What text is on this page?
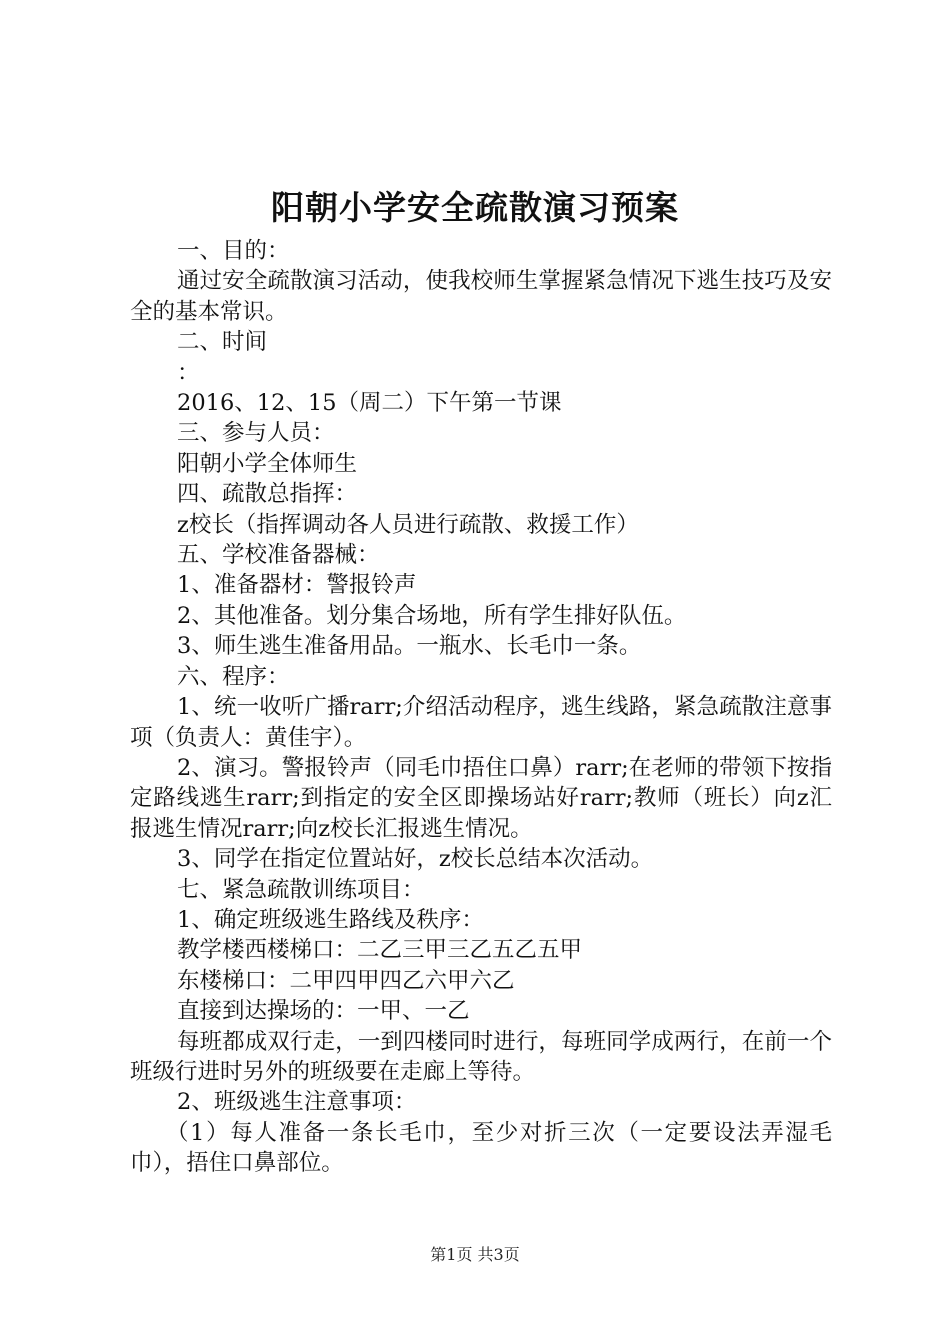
阳朝小学安全疏散演习预案

一、目的：

通过安全疏散演习活动，使我校师生掌握紧急情况下逃生技巧及安全的基本常识。

二、时间

：

2016、12、15（周二）下午第一节课

三、参与人员：

阳朝小学全体师生

四、疏散总指挥：

z校长（指挥调动各人员进行疏散、救援工作）

五、学校准备器械：

1、准备器材：警报铃声

2、其他准备。划分集合场地，所有学生排好队伍。

3、师生逃生准备用品。一瓶水、长毛巾一条。

六、程序：

1、统一收听广播rarr;介绍活动程序，逃生线路，紧急疏散注意事项（负责人：黄佳宇）。

2、演习。警报铃声（同毛巾捂住口鼻）rarr;在老师的带领下按指定路线逃生rarr;到指定的安全区即操场站好rarr;教师（班长）向z汇报逃生情况rarr;向z校长汇报逃生情况。

3、同学在指定位置站好，z校长总结本次活动。

七、紧急疏散训练项目：

1、确定班级逃生路线及秩序：

教学楼西楼梯口：二乙三甲三乙五乙五甲

东楼梯口：二甲四甲四乙六甲六乙

直接到达操场的：一甲、一乙

每班都成双行走，一到四楼同时进行，每班同学成两行，在前一个班级行进时另外的班级要在走廊上等待。

2、班级逃生注意事项：

（1）每人准备一条长毛巾，至少对折三次（一定要设法弄湿毛巾），捂住口鼻部位。

第1页 共3页
